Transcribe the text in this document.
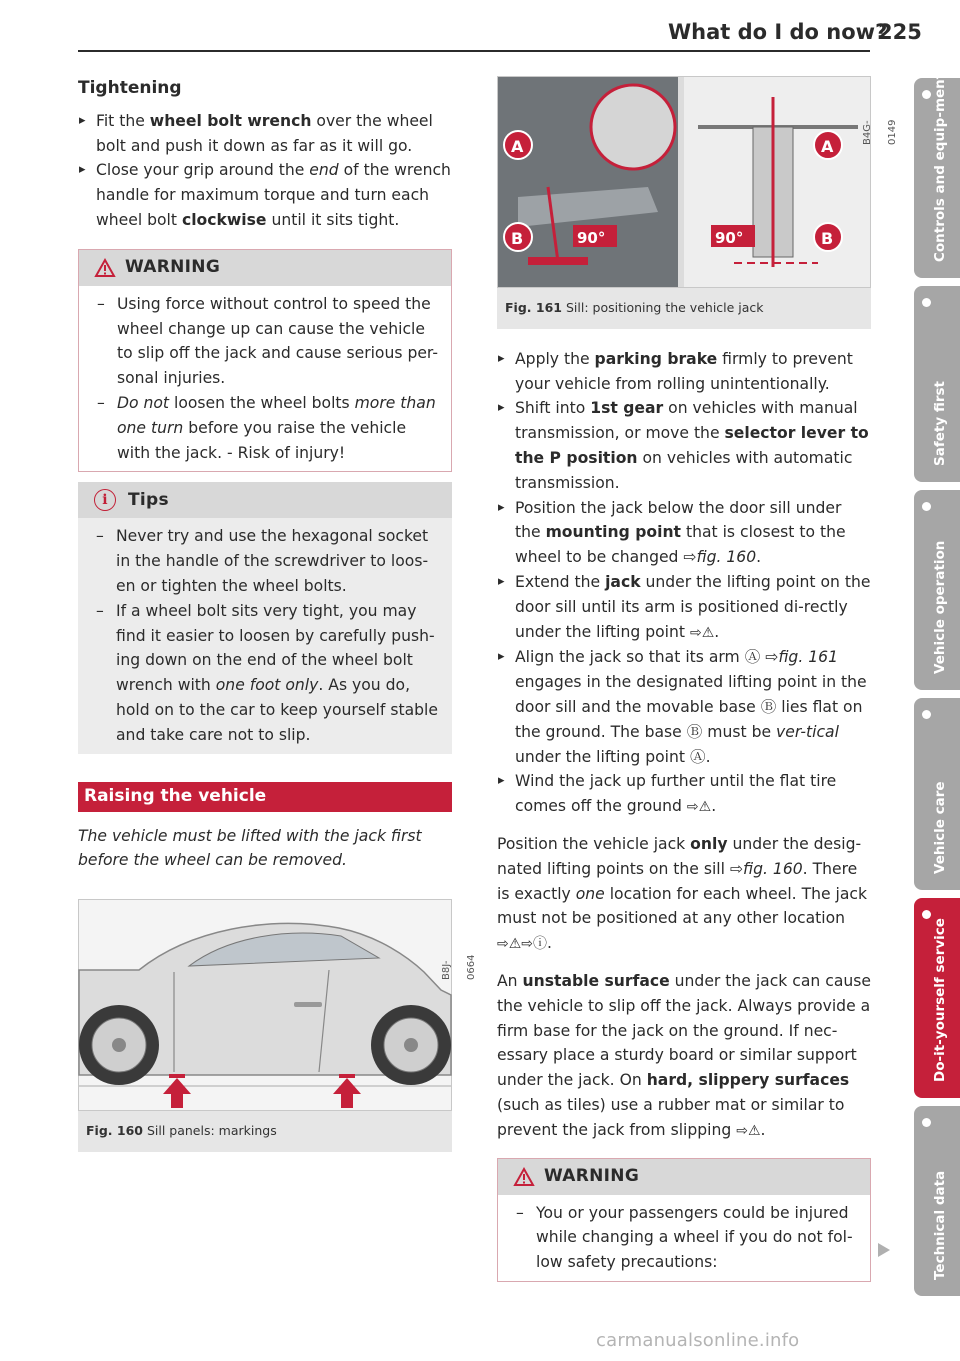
What do I do now?
225
Tightening
▸ Fit the wheel bolt wrench over the wheel bolt and push it down as far as it will go.
▸ Close your grip around the end of the wrench handle for maximum torque and turn each wheel bolt clockwise until it sits tight.
WARNING
– Using force without control to speed the wheel change up can cause the vehicle to slip off the jack and cause serious per-sonal injuries.
– Do not loosen the wheel bolts more than one turn before you raise the vehicle with the jack. - Risk of injury!
i	Tips
– Never try and use the hexagonal socket in the handle of the screwdriver to loos-en or tighten the wheel bolts.
– If a wheel bolt sits very tight, you may find it easier to loosen by carefully push-ing down on the end of the wheel bolt wrench with one foot only. As you do, hold on to the car to keep yourself stable and take care not to slip.
Raising the vehicle

The vehicle must be lifted with the jack first before the wheel can be removed.

B8J-0664
Fig. 160 Sill panels: markings
A
B
A
B
90°	90°
B4G-0149
Fig. 161 Sill: positioning the vehicle jack
▸ Apply the parking brake firmly to prevent your vehicle from rolling unintentionally.
▸ Shift into 1st gear on vehicles with manual transmission, or move the selector lever to the P position on vehicles with automatic transmission.
▸ Position the jack below the door sill under the mounting point that is closest to the wheel to be changed ⇨fig. 160.
▸ Extend the jack under the lifting point on the door sill until its arm is positioned di-rectly under the lifting point ⇨⚠.
▸ Align the jack so that its arm Ⓐ ⇨fig. 161 engages in the designated lifting point in the door sill and the movable base Ⓑ lies flat on the ground. The base Ⓑ must be ver-tical under the lifting point Ⓐ.
▸ Wind the jack up further until the flat tire comes off the ground ⇨⚠.

Position the vehicle jack only under the desig-nated lifting points on the sill ⇨fig. 160. There is exactly one location for each wheel. The jack must not be positioned at any other location ⇨⚠⇨ⓘ.

An unstable surface under the jack can cause the vehicle to slip off the jack. Always provide a firm base for the jack on the ground. If nec-essary place a sturdy board or similar support under the jack. On hard, slippery surfaces (such as tiles) use a rubber mat or similar to prevent the jack from slipping ⇨⚠.

WARNING
– You or your passengers could be injured while changing a wheel if you do not fol-low safety precautions:
Controls and equip-ment
Safety first
Vehicle operation
Vehicle care
Do-it-yourself service
Technical data
carmanualsonline.info
